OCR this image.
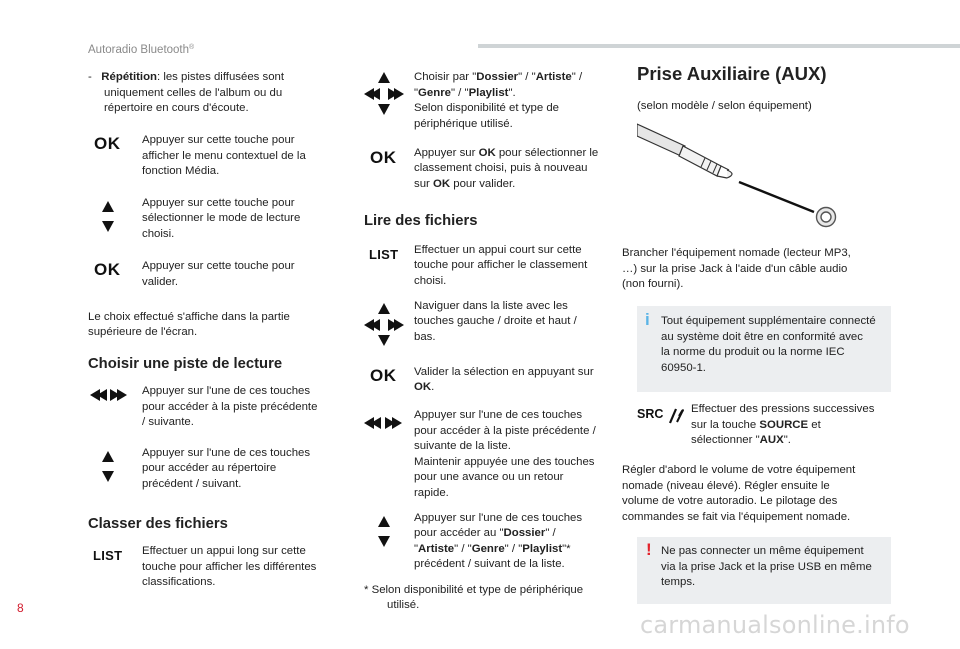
Autoradio Bluetooth®
- Répétition: les pistes diffusées sont
uniquement celles de l'album ou du
répertoire en cours d'écoute.
OK Appuyer sur cette touche pour
afficher le menu contextuel de la
fonction Média.
Appuyer sur cette touche pour
sélectionner le mode de lecture
choisi.
OK Appuyer sur cette touche pour
valider.
Le choix effectué s'affiche dans la partie
supérieure de l'écran.
Choisir une piste de lecture
Appuyer sur l'une de ces touches
pour accéder à la piste précédente
/ suivante.
Appuyer sur l'une de ces touches
pour accéder au répertoire
précédent / suivant.
Classer des fichiers
LIST Effectuer un appui long sur cette
touche pour afficher les différentes
classifications.
Choisir par "Dossier" / "Artiste" /
"Genre" / "Playlist".
Selon disponibilité et type de
périphérique utilisé.
OK Appuyer sur OK pour sélectionner le
classement choisi, puis à nouveau
sur OK pour valider.
Lire des fichiers
LIST Effectuer un appui court sur cette
touche pour afficher le classement
choisi.
Naviguer dans la liste avec les
touches gauche / droite et haut /
bas.
OK Valider la sélection en appuyant sur
OK.
Appuyer sur l'une de ces touches
pour accéder à la piste précédente /
suivante de la liste.
Maintenir appuyée une des touches
pour une avance ou un retour
rapide.
Appuyer sur l'une de ces touches
pour accéder au "Dossier" /
"Artiste" / "Genre" / "Playlist"*
précédent / suivant de la liste.
* Selon disponibilité et type de périphérique
utilisé.
Prise Auxiliaire (AUX)
(selon modèle / selon équipement)
Brancher l'équipement nomade (lecteur MP3,
…) sur la prise Jack à l'aide d'un câble audio
(non fourni).
i Tout équipement supplémentaire connecté
au système doit être en conformité avec
la norme du produit ou la norme IEC
60950-1.
SRC Effectuer des pressions successives
sur la touche SOURCE et
sélectionner "AUX".
Régler d'abord le volume de votre équipement
nomade (niveau élevé). Régler ensuite le
volume de votre autoradio. Le pilotage des
commandes se fait via l'équipement nomade.
! Ne pas connecter un même équipement
via la prise Jack et la prise USB en même
temps.
8
carmanualsonline.info
